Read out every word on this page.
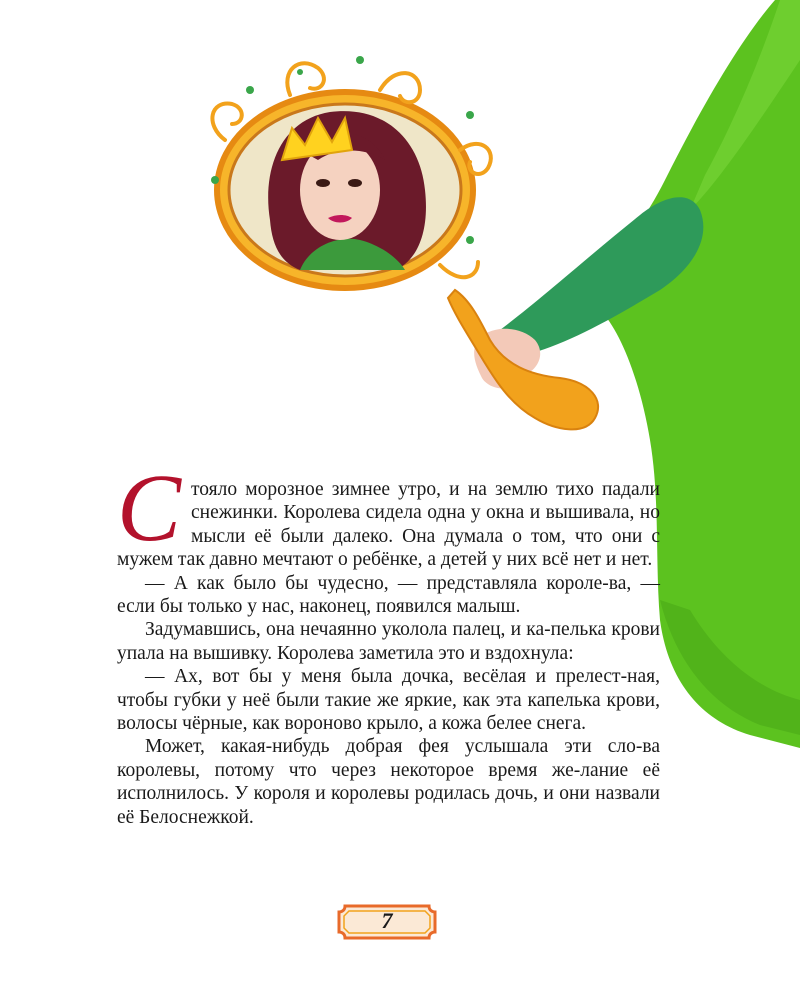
Стояло морозное зимнее утро, и на землю тихо падали снежинки. Королева сидела одна у окна и вышивала, но мысли её были далеко. Она думала о том, что они с мужем так давно мечтают о ребёнке, а детей у них всё нет и нет.

— А как было бы чудесно, — представляла короле-ва, — если бы только у нас, наконец, появился малыш.

Задумавшись, она нечаянно уколола палец, и ка-пелька крови упала на вышивку. Королева заметила это и вздохнула:

— Ах, вот бы у меня была дочка, весёлая и прелест-ная, чтобы губки у неё были такие же яркие, как эта капелька крови, волосы чёрные, как вороново крыло, а кожа белее снега.

Может, какая-нибудь добрая фея услышала эти сло-ва королевы, потому что через некоторое время же-лание её исполнилось. У короля и королевы родилась дочь, и они назвали её Белоснежкой.

7
